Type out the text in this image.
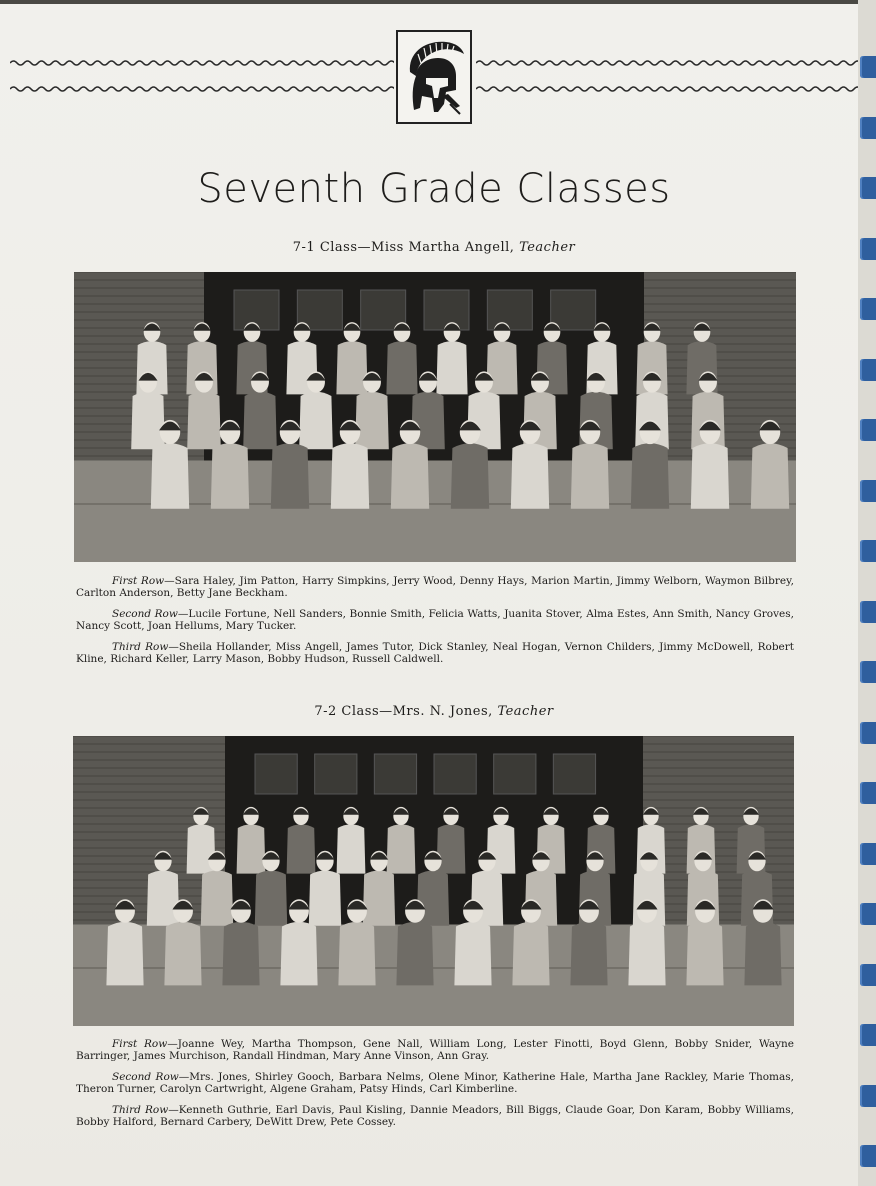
Seventh Grade Classes
7-1 Class—Miss Martha Angell, Teacher

First Row—Sara Haley, Jim Patton, Harry Simpkins, Jerry Wood, Denny Hays, Marion Martin, Jimmy Welborn, Waymon Bilbrey, Carlton Anderson, Betty Jane Beckham.

Second Row—Lucile Fortune, Nell Sanders, Bonnie Smith, Felicia Watts, Juanita Stover, Alma Estes, Ann Smith, Nancy Groves, Nancy Scott, Joan Hellums, Mary Tucker.

Third Row—Sheila Hollander, Miss Angell, James Tutor, Dick Stanley, Neal Hogan, Vernon Childers, Jimmy McDowell, Robert Kline, Richard Keller, Larry Mason, Bobby Hudson, Russell Caldwell.

7-2 Class—Mrs. N. Jones, Teacher

First Row—Joanne Wey, Martha Thompson, Gene Nall, William Long, Lester Finotti, Boyd Glenn, Bobby Snider, Wayne Barringer, James Murchison, Randall Hindman, Mary Anne Vinson, Ann Gray.

Second Row—Mrs. Jones, Shirley Gooch, Barbara Nelms, Olene Minor, Katherine Hale, Martha Jane Rackley, Marie Thomas, Theron Turner, Carolyn Cartwright, Algene Graham, Patsy Hinds, Carl Kimberline.

Third Row—Kenneth Guthrie, Earl Davis, Paul Kisling, Dannie Meadors, Bill Biggs, Claude Goar, Don Karam, Bobby Williams, Bobby Halford, Bernard Carbery, DeWitt Drew, Pete Cossey.
